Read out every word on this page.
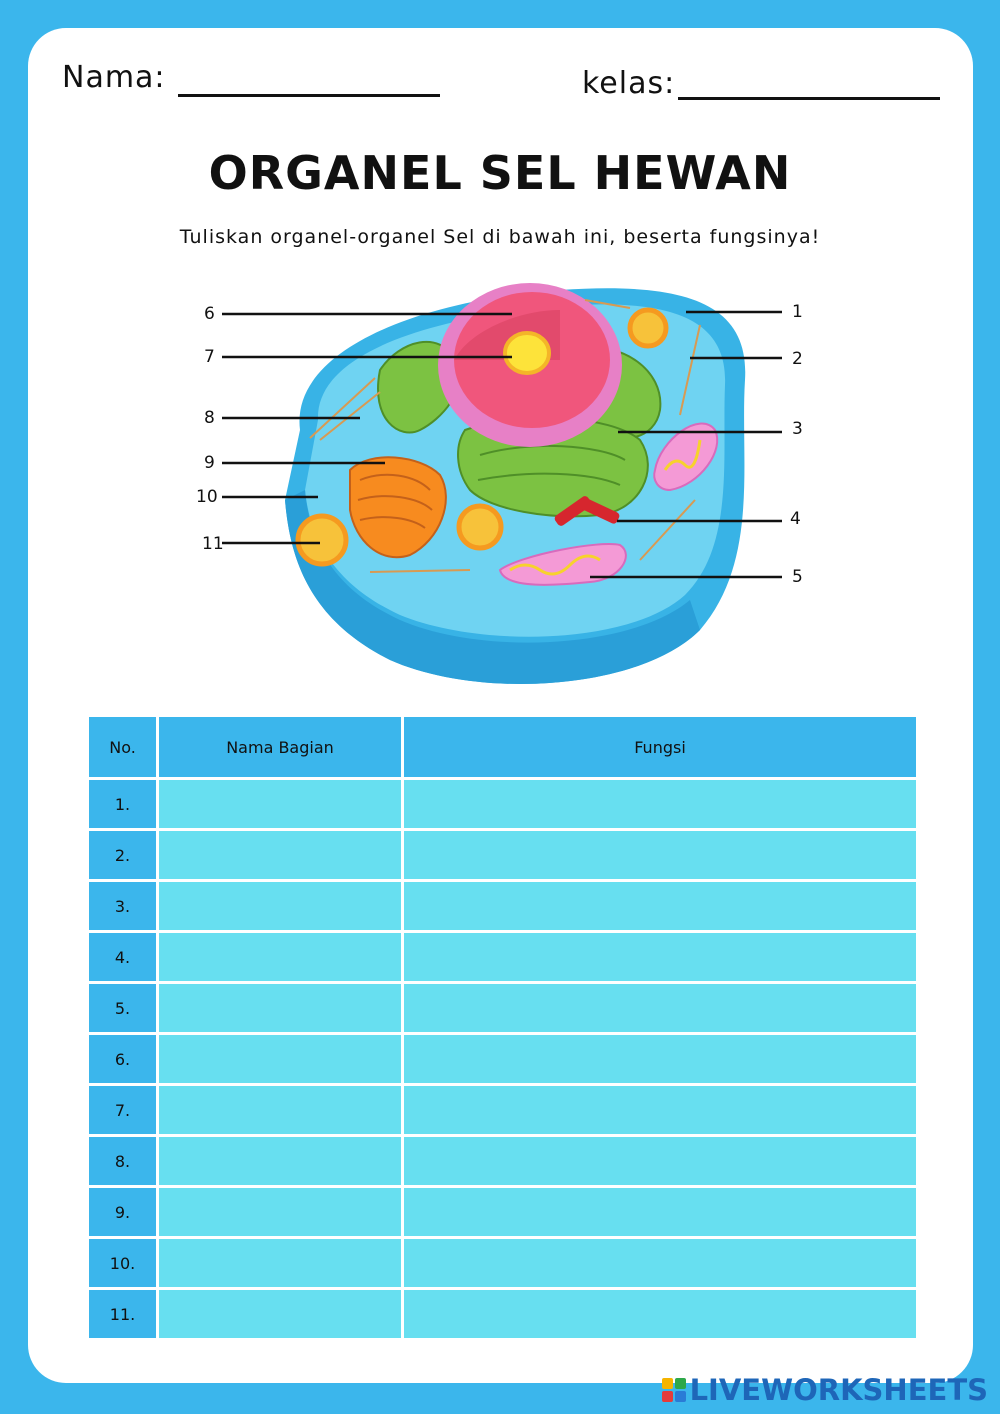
Nama:	kelas:
ORGANEL SEL HEWAN
Tuliskan organel-organel Sel di bawah ini, beserta fungsinya!
1
2
3
4
5
6
7
8
9
10
11
No.	Nama Bagian	Fungsi
1.		
2.		
3.		
4.		
5.		
6.		
7.		
8.		
9.		
10.		
11.		
LIVEWORKSHEETS
